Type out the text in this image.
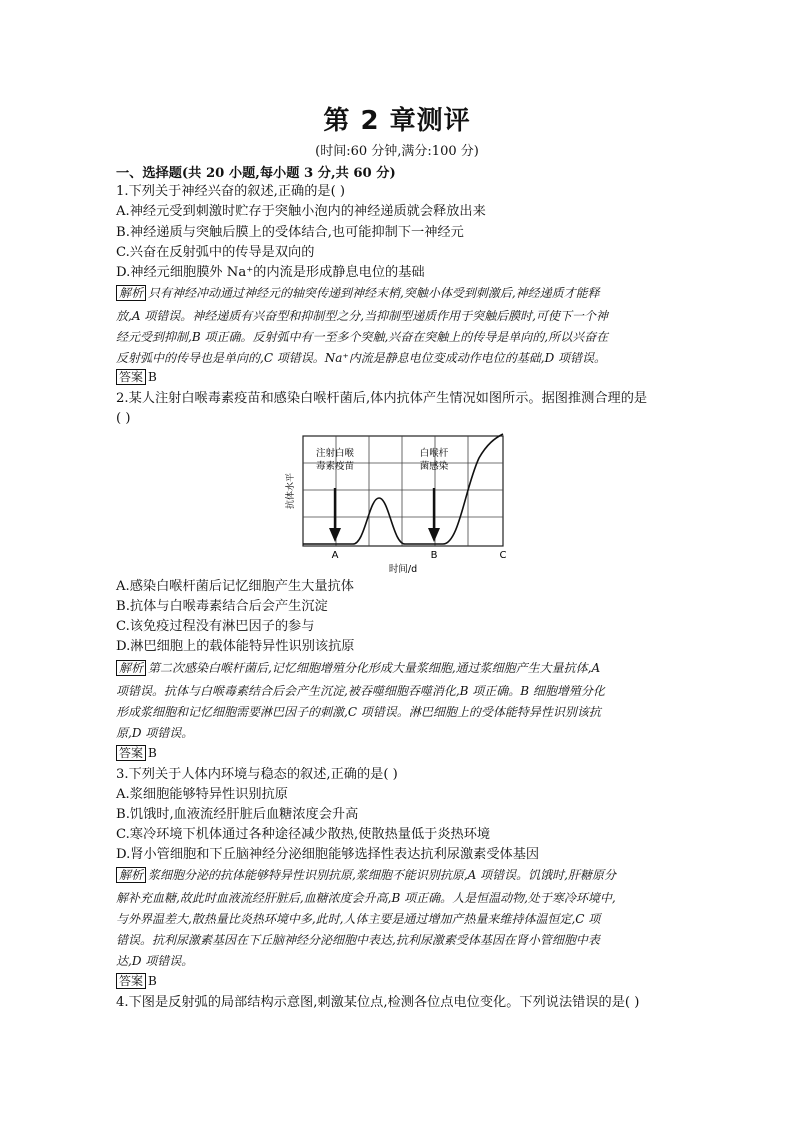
第 2 章测评
(时间:60 分钟,满分:100 分)
一、选择题(共 20 小题,每小题 3 分,共 60 分)
1.下列关于神经兴奋的叙述,正确的是( )
A.神经元受到刺激时贮存于突触小泡内的神经递质就会释放出来
B.神经递质与突触后膜上的受体结合,也可能抑制下一神经元
C.兴奋在反射弧中的传导是双向的
D.神经元细胞膜外 Na⁺的内流是形成静息电位的基础
解析 只有神经冲动通过神经元的轴突传递到神经末梢,突触小体受到刺激后,神经递质才能释
放,A 项错误。神经递质有兴奋型和抑制型之分,当抑制型递质作用于突触后膜时,可使下一个神
经元受到抑制,B 项正确。反射弧中有一至多个突触,兴奋在突触上的传导是单向的,所以兴奋在
反射弧中的传导也是单向的,C 项错误。Na⁺内流是静息电位变成动作电位的基础,D 项错误。
答案 B
2.某人注射白喉毒素疫苗和感染白喉杆菌后,体内抗体产生情况如图所示。据图推测合理的是
( )
注射白喉
毒素疫苗
白喉杆
菌感染
抗体水平
A	B	C
时间/d
A.感染白喉杆菌后记忆细胞产生大量抗体
B.抗体与白喉毒素结合后会产生沉淀
C.该免疫过程没有淋巴因子的参与
D.淋巴细胞上的载体能特异性识别该抗原
解析 第二次感染白喉杆菌后,记忆细胞增殖分化形成大量浆细胞,通过浆细胞产生大量抗体,A
项错误。抗体与白喉毒素结合后会产生沉淀,被吞噬细胞吞噬消化,B 项正确。B 细胞增殖分化
形成浆细胞和记忆细胞需要淋巴因子的刺激,C 项错误。淋巴细胞上的受体能特异性识别该抗
原,D 项错误。
答案 B
3.下列关于人体内环境与稳态的叙述,正确的是( )
A.浆细胞能够特异性识别抗原
B.饥饿时,血液流经肝脏后血糖浓度会升高
C.寒冷环境下机体通过各种途径减少散热,使散热量低于炎热环境
D.肾小管细胞和下丘脑神经分泌细胞能够选择性表达抗利尿激素受体基因
解析 浆细胞分泌的抗体能够特异性识别抗原,浆细胞不能识别抗原,A 项错误。饥饿时,肝糖原分
解补充血糖,故此时血液流经肝脏后,血糖浓度会升高,B 项正确。人是恒温动物,处于寒冷环境中,
与外界温差大,散热量比炎热环境中多,此时,人体主要是通过增加产热量来维持体温恒定,C 项
错误。抗利尿激素基因在下丘脑神经分泌细胞中表达,抗利尿激素受体基因在肾小管细胞中表
达,D 项错误。
答案 B
4.下图是反射弧的局部结构示意图,刺激某位点,检测各位点电位变化。下列说法错误的是( )
